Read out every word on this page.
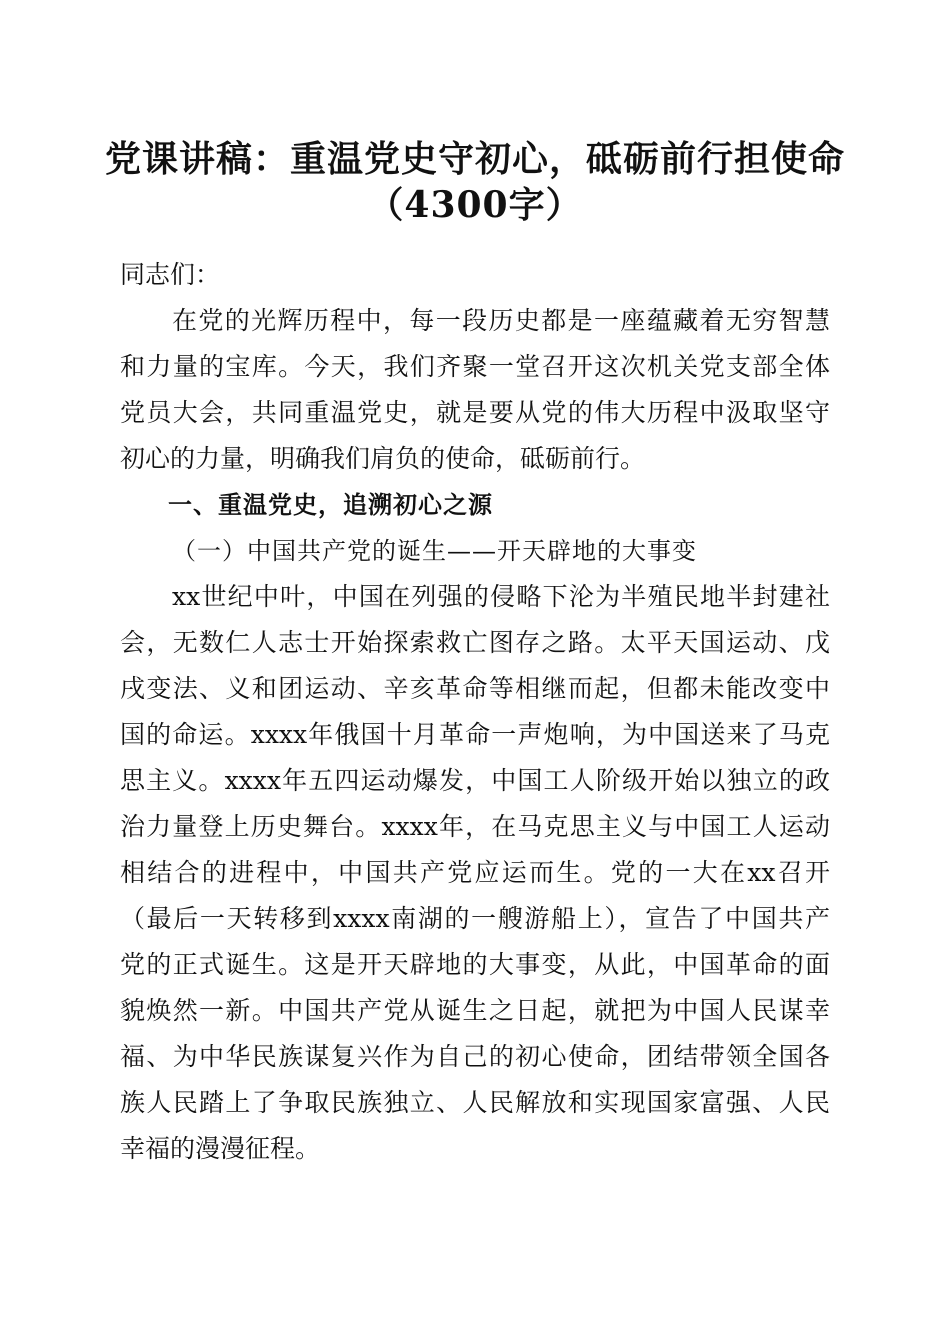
党课讲稿：重温党史守初心，砥砺前行担使命
（4300字）
同志们：
在党的光辉历程中，每一段历史都是一座蕴藏着无穷智慧
和力量的宝库。今天，我们齐聚一堂召开这次机关党支部全体
党员大会，共同重温党史，就是要从党的伟大历程中汲取坚守
初心的力量，明确我们肩负的使命，砥砺前行。
一、重温党史，追溯初心之源
（一）中国共产党的诞生——开天辟地的大事变
xx世纪中叶，中国在列强的侵略下沦为半殖民地半封建社
会，无数仁人志士开始探索救亡图存之路。太平天国运动、戊
戌变法、义和团运动、辛亥革命等相继而起，但都未能改变中
国的命运。xxxx年俄国十月革命一声炮响，为中国送来了马克
思主义。xxxx年五四运动爆发，中国工人阶级开始以独立的政
治力量登上历史舞台。xxxx年，在马克思主义与中国工人运动
相结合的进程中，中国共产党应运而生。党的一大在xx召开
（最后一天转移到xxxx南湖的一艘游船上），宣告了中国共产
党的正式诞生。这是开天辟地的大事变，从此，中国革命的面
貌焕然一新。中国共产党从诞生之日起，就把为中国人民谋幸
福、为中华民族谋复兴作为自己的初心使命，团结带领全国各
族人民踏上了争取民族独立、人民解放和实现国家富强、人民
幸福的漫漫征程。
